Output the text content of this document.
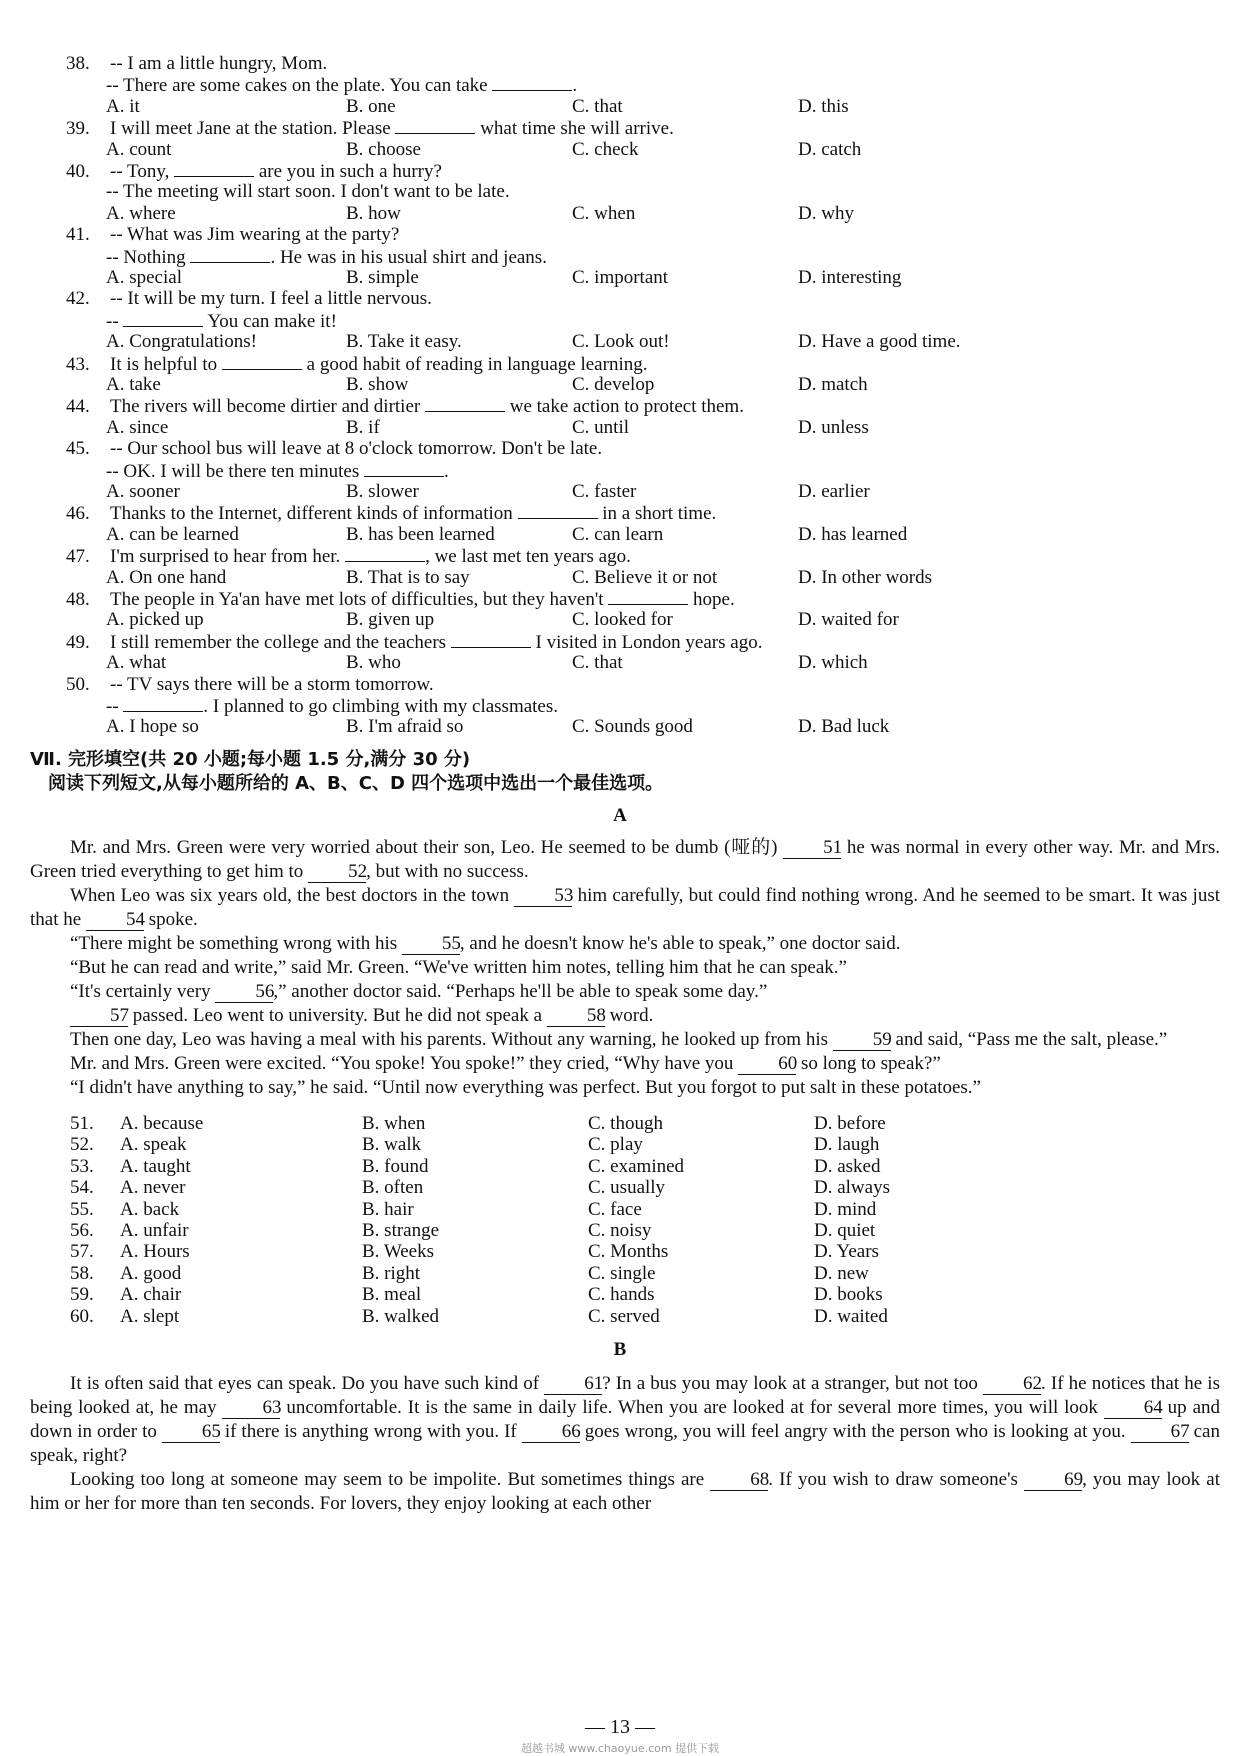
38. -- I am a little hungry, Mom.
-- There are some cakes on the plate. You can take	.
A. it	B. one	C. that	D. this
39. I will meet Jane at the station. Please	what time she will arrive.
A. count	B. choose	C. check	D. catch
40. -- Tony,	are you in such a hurry?
-- The meeting will start soon. I don't want to be late.
A. where	B. how	C. when	D. why
41. -- What was Jim wearing at the party?
-- Nothing	. He was in his usual shirt and jeans.
A. special	B. simple	C. important	D. interesting
42. -- It will be my turn. I feel a little nervous.
--	You can make it!
A. Congratulations!	B. Take it easy.	C. Look out!	D. Have a good time.
43. It is helpful to	a good habit of reading in language learning.
A. take	B. show	C. develop	D. match
44. The rivers will become dirtier and dirtier	we take action to protect them.
A. since	B. if	C. until	D. unless
45. -- Our school bus will leave at 8 o'clock tomorrow. Don't be late.
-- OK. I will be there ten minutes	.
A. sooner	B. slower	C. faster	D. earlier
46. Thanks to the Internet, different kinds of information	in a short time.
A. can be learned	B. has been learned	C. can learn	D. has learned
47. I'm surprised to hear from her.	, we last met ten years ago.
A. On one hand	B. That is to say	C. Believe it or not	D. In other words
48. The people in Ya'an have met lots of difficulties, but they haven't	hope.
A. picked up	B. given up	C. looked for	D. waited for
49. I still remember the college and the teachers	I visited in London years ago.
A. what	B. who	C. that	D. which
50. -- TV says there will be a storm tomorrow.
--	. I planned to go climbing with my classmates.
A. I hope so	B. I'm afraid so	C. Sounds good	D. Bad luck
Ⅶ. 完形填空(共 20 小题;每小题 1.5 分,满分 30 分)
阅读下列短文,从每小题所给的 A、B、C、D 四个选项中选出一个最佳选项。
A
Mr. and Mrs. Green were very worried about their son, Leo. He seemed to be dumb (哑的) 51 he was normal in every other way. Mr. and Mrs. Green tried everything to get him to 52, but with no success.
When Leo was six years old, the best doctors in the town 53 him carefully, but could find nothing wrong. And he seemed to be smart. It was just that he 54 spoke.
“There might be something wrong with his 55, and he doesn't know he's able to speak,” one doctor said.
“But he can read and write,” said Mr. Green. “We've written him notes, telling him that he can speak.”
“It's certainly very 56,” another doctor said. “Perhaps he'll be able to speak some day.”
57 passed. Leo went to university. But he did not speak a 58 word.
Then one day, Leo was having a meal with his parents. Without any warning, he looked up from his 59 and said, “Pass me the salt, please.”
Mr. and Mrs. Green were excited. “You spoke! You spoke!” they cried, “Why have you 60 so long to speak?”
“I didn't have anything to say,” he said. “Until now everything was perfect. But you forgot to put salt in these potatoes.”
51. A. because	B. when	C. though	D. before
52. A. speak	B. walk	C. play	D. laugh
53. A. taught	B. found	C. examined	D. asked
54. A. never	B. often	C. usually	D. always
55. A. back	B. hair	C. face	D. mind
56. A. unfair	B. strange	C. noisy	D. quiet
57. A. Hours	B. Weeks	C. Months	D. Years
58. A. good	B. right	C. single	D. new
59. A. chair	B. meal	C. hands	D. books
60. A. slept	B. walked	C. served	D. waited
B
It is often said that eyes can speak. Do you have such kind of 61? In a bus you may look at a stranger, but not too 62. If he notices that he is being looked at, he may 63 uncomfortable. It is the same in daily life. When you are looked at for several more times, you will look 64 up and down in order to 65 if there is anything wrong with you. If 66 goes wrong, you will feel angry with the person who is looking at you. 67 can speak, right?
Looking too long at someone may seem to be impolite. But sometimes things are 68. If you wish to draw someone's 69, you may look at him or her for more than ten seconds. For lovers, they enjoy looking at each other
— 13 —
超越书城 www.chaoyue.com 提供下载
